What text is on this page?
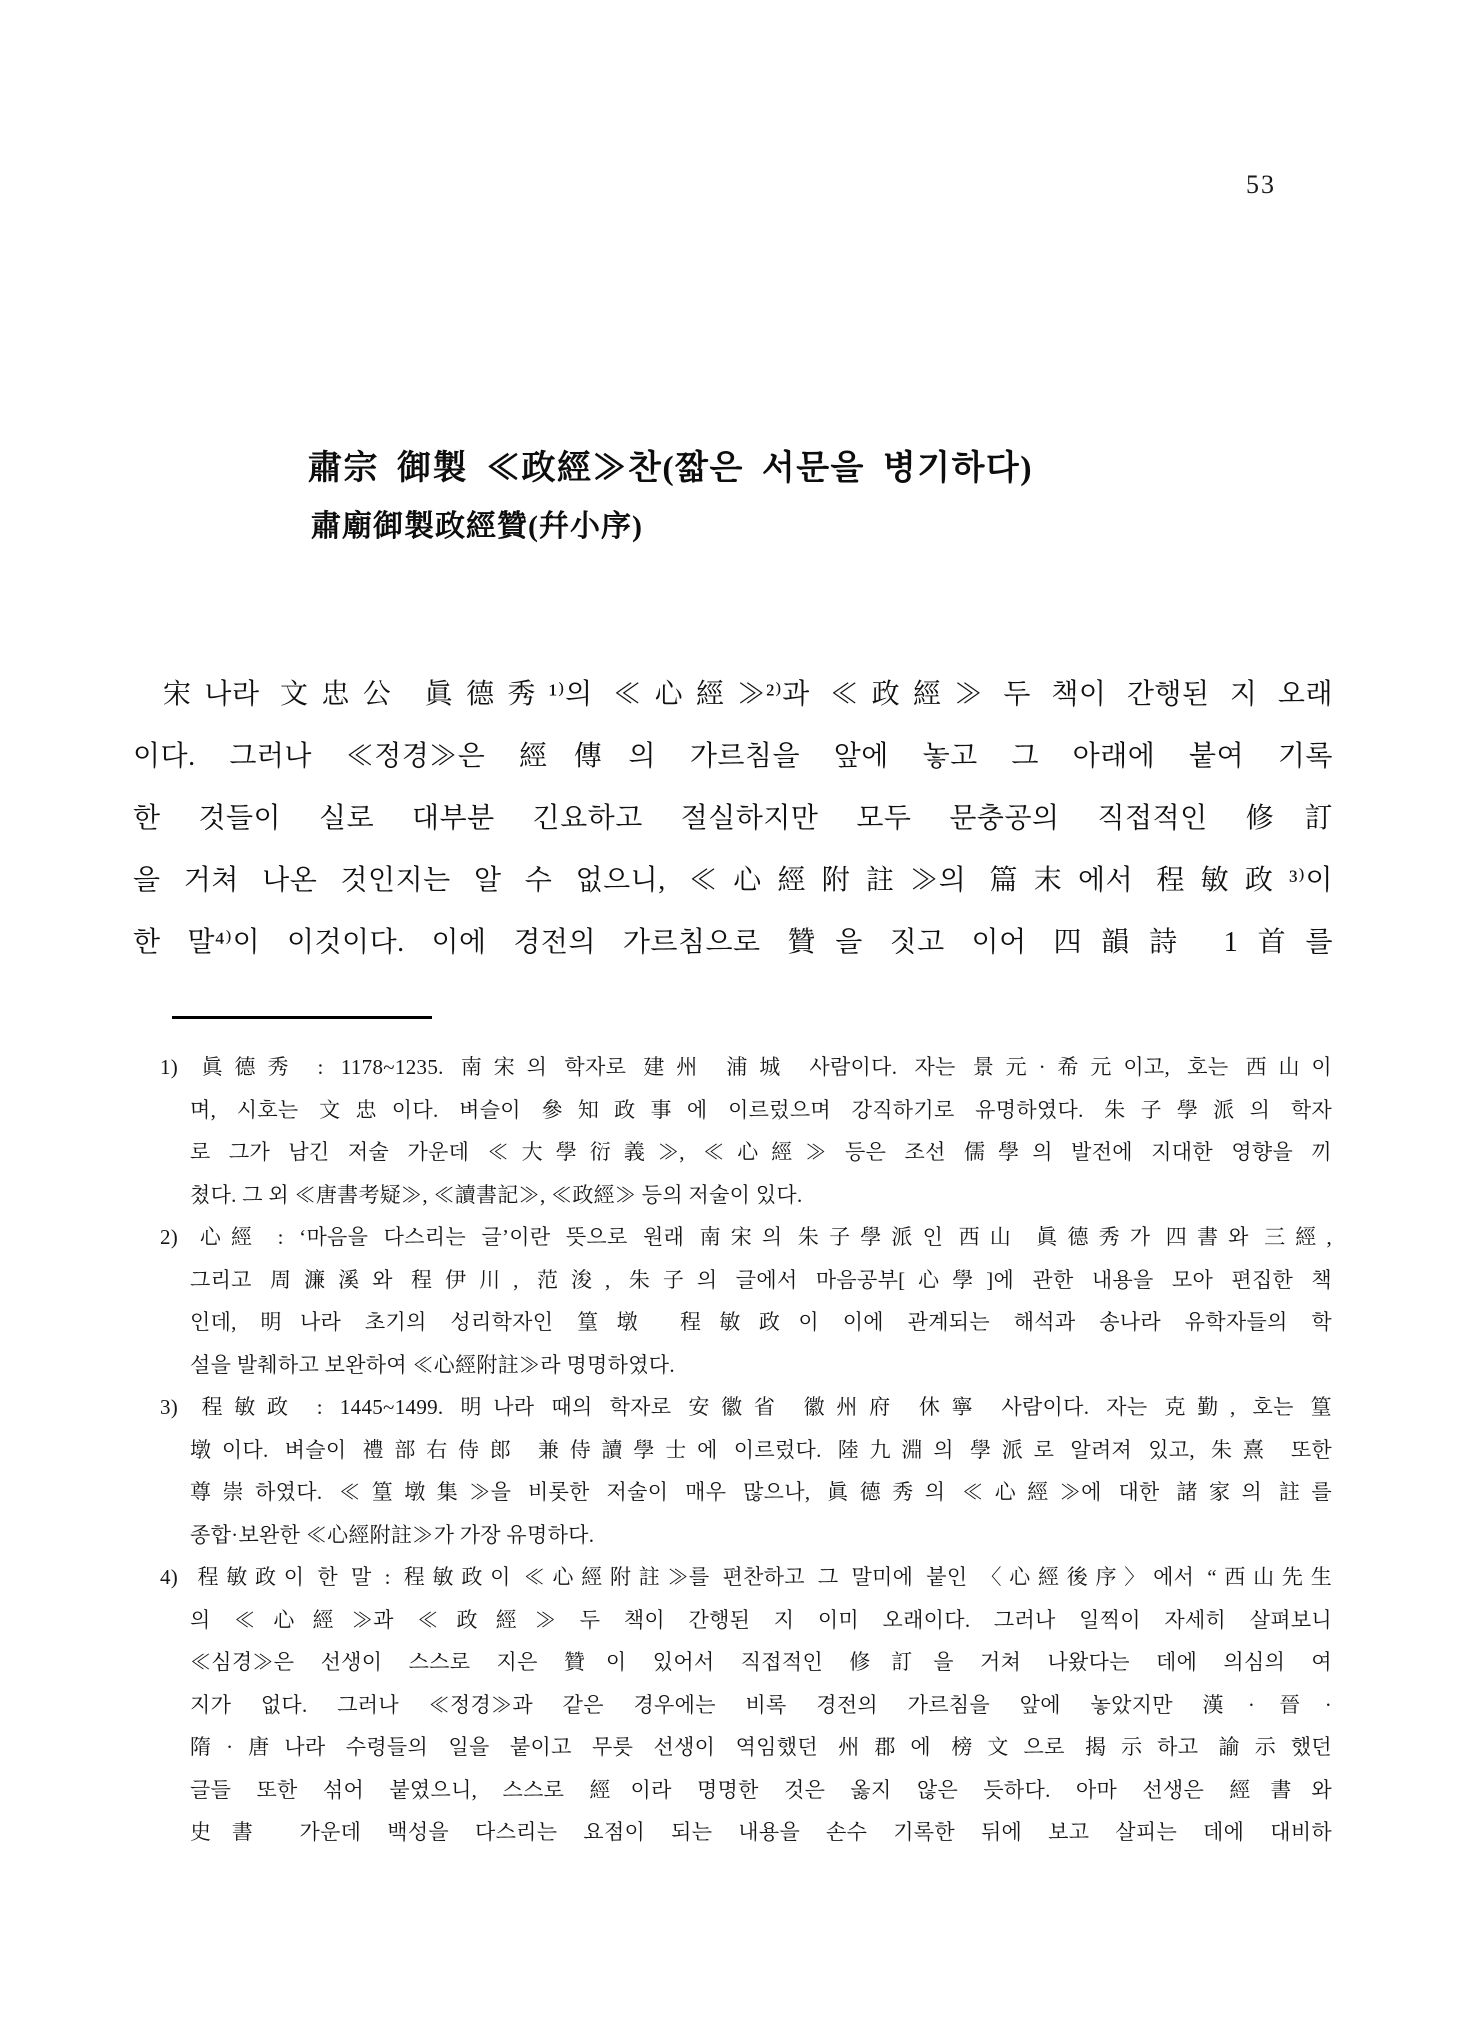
53
肅宗 御製 ≪政經≫찬(짧은 서문을 병기하다)
肅廟御製政經贊(幷小序)
宋나라 文忠公 眞德秀¹⁾의 ≪心經≫²⁾과 ≪政經≫ 두 책이 간행된 지 오래
이다. 그러나 ≪정경≫은 經傳의 가르침을 앞에 놓고 그 아래에 붙여 기록
한 것들이 실로 대부분 긴요하고 절실하지만 모두 문충공의 직접적인 修訂
을 거쳐 나온 것인지는 알 수 없으니, ≪心經附註≫의 篇末에서 程敏政³⁾이
한 말⁴⁾이 이것이다. 이에 경전의 가르침으로 贊을 짓고 이어 四韻詩 1首를
1) 眞德秀 : 1178~1235. 南宋의 학자로 建州 浦城 사람이다. 자는 景元·希元이고, 호는 西山이
며, 시호는 文忠이다. 벼슬이 參知政事에 이르렀으며 강직하기로 유명하였다. 朱子學派의 학자
로 그가 남긴 저술 가운데 ≪大學衍義≫, ≪心經≫ 등은 조선 儒學의 발전에 지대한 영향을 끼
쳤다. 그 외 ≪唐書考疑≫, ≪讀書記≫, ≪政經≫ 등의 저술이 있다.
2) 心經 : ‘마음을 다스리는 글’이란 뜻으로 원래 南宋의 朱子學派인 西山 眞德秀가 四書와 三經,
그리고 周濂溪와 程伊川, 范浚, 朱子의 글에서 마음공부[心學]에 관한 내용을 모아 편집한 책
인데, 明나라 초기의 성리학자인 篁墩 程敏政이 이에 관계되는 해석과 송나라 유학자들의 학
설을 발췌하고 보완하여 ≪心經附註≫라 명명하였다.
3) 程敏政 : 1445~1499. 明나라 때의 학자로 安徽省 徽州府 休寧 사람이다. 자는 克勤, 호는 篁
墩이다. 벼슬이 禮部右侍郎 兼侍讀學士에 이르렀다. 陸九淵의 學派로 알려져 있고, 朱熹 또한
尊崇하였다. ≪篁墩集≫을 비롯한 저술이 매우 많으나, 眞德秀의 ≪心經≫에 대한 諸家의 註를
종합·보완한 ≪心經附註≫가 가장 유명하다.
4) 程敏政이 한 말 : 程敏政이 ≪心經附註≫를 편찬하고 그 말미에 붙인 〈心經後序〉에서 “西山先生
의 ≪心經≫과 ≪政經≫ 두 책이 간행된 지 이미 오래이다. 그러나 일찍이 자세히 살펴보니
≪심경≫은 선생이 스스로 지은 贊이 있어서 직접적인 修訂을 거쳐 나왔다는 데에 의심의 여
지가 없다. 그러나 ≪정경≫과 같은 경우에는 비록 경전의 가르침을 앞에 놓았지만 漢·晉·
隋·唐나라 수령들의 일을 붙이고 무릇 선생이 역임했던 州郡에 榜文으로 揭示하고 諭示했던
글들 또한 섞어 붙였으니, 스스로 經이라 명명한 것은 옳지 않은 듯하다. 아마 선생은 經書와
史書 가운데 백성을 다스리는 요점이 되는 내용을 손수 기록한 뒤에 보고 살피는 데에 대비하
